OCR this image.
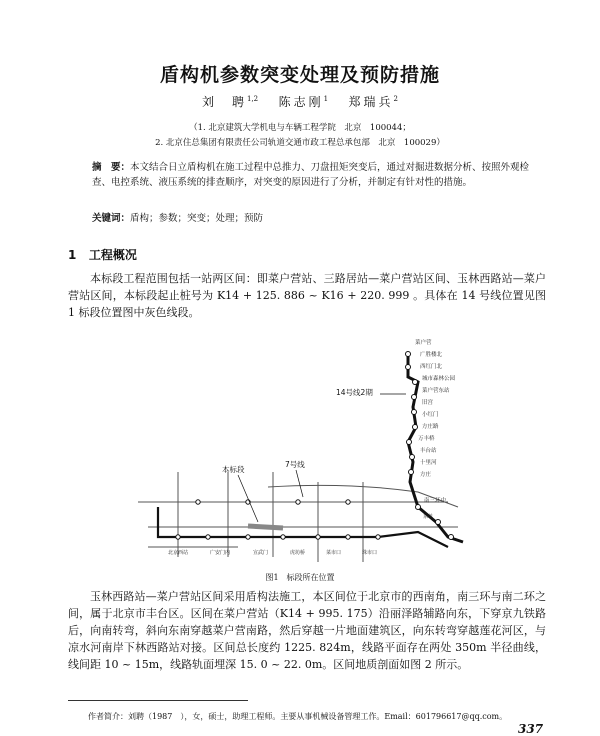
盾构机参数突变处理及预防措施
刘　聘$^{1,2}$ 陈志刚$^1$ 郑瑞兵$^2$
（1. 北京建筑大学机电与车辆工程学院　北京　100044；
2. 北京住总集团有限责任公司轨道交通市政工程总承包部　北京　100029）
摘　要：本文结合日立盾构机在施工过程中总推力、刀盘扭矩突变后，通过对掘进数据分析、按照外观检查、电控系统、液压系统的排查顺序，对突变的原因进行了分析，并制定有针对性的措施。
关键词：盾构；参数；突变；处理；预防
1 工程概况
本标段工程范围包括一站两区间：即菜户营站、三路居站—菜户营站区间、玉林西路站—菜户营站区间，本标段起止桩号为 K14 + 125. 886 ~ K16 + 220. 999 。具体在 14 号线位置见图 1 标段位置图中灰色线段。
菜户营
广胜楼北
西红门北
城市森林公园
菜户营东站
旧宫
小红门
方庄路
万丰桥
丰台站
十里河
方庄
南三环中
北京西站	广安门内	宣武门	虎坊桥	菜市口	珠市口
东单
14号线2期
本标段
7号线
图1　标段所在位置
玉林西路站—菜户营站区间采用盾构法施工，本区间位于北京市的西南角，南三环与南二环之间，属于北京市丰台区。区间在菜户营站（K14 + 995. 175）沿丽泽路辅路向东，下穿京九铁路后，向南转弯，斜向东南穿越菜户营南路，然后穿越一片地面建筑区，向东转弯穿越莲花河区，与凉水河南岸下林西路站对接。区间总长度约 1225. 824m，线路平面存在两处 350m 半径曲线，线间距 10 ~ 15m，线路轨面埋深 15. 0 ~ 22. 0m。区间地质剖面如图 2 所示。
作者简介：刘聘（1987　），女，硕士，助理工程师。主要从事机械设备管理工作。Email：601796617@qq.com。
337
